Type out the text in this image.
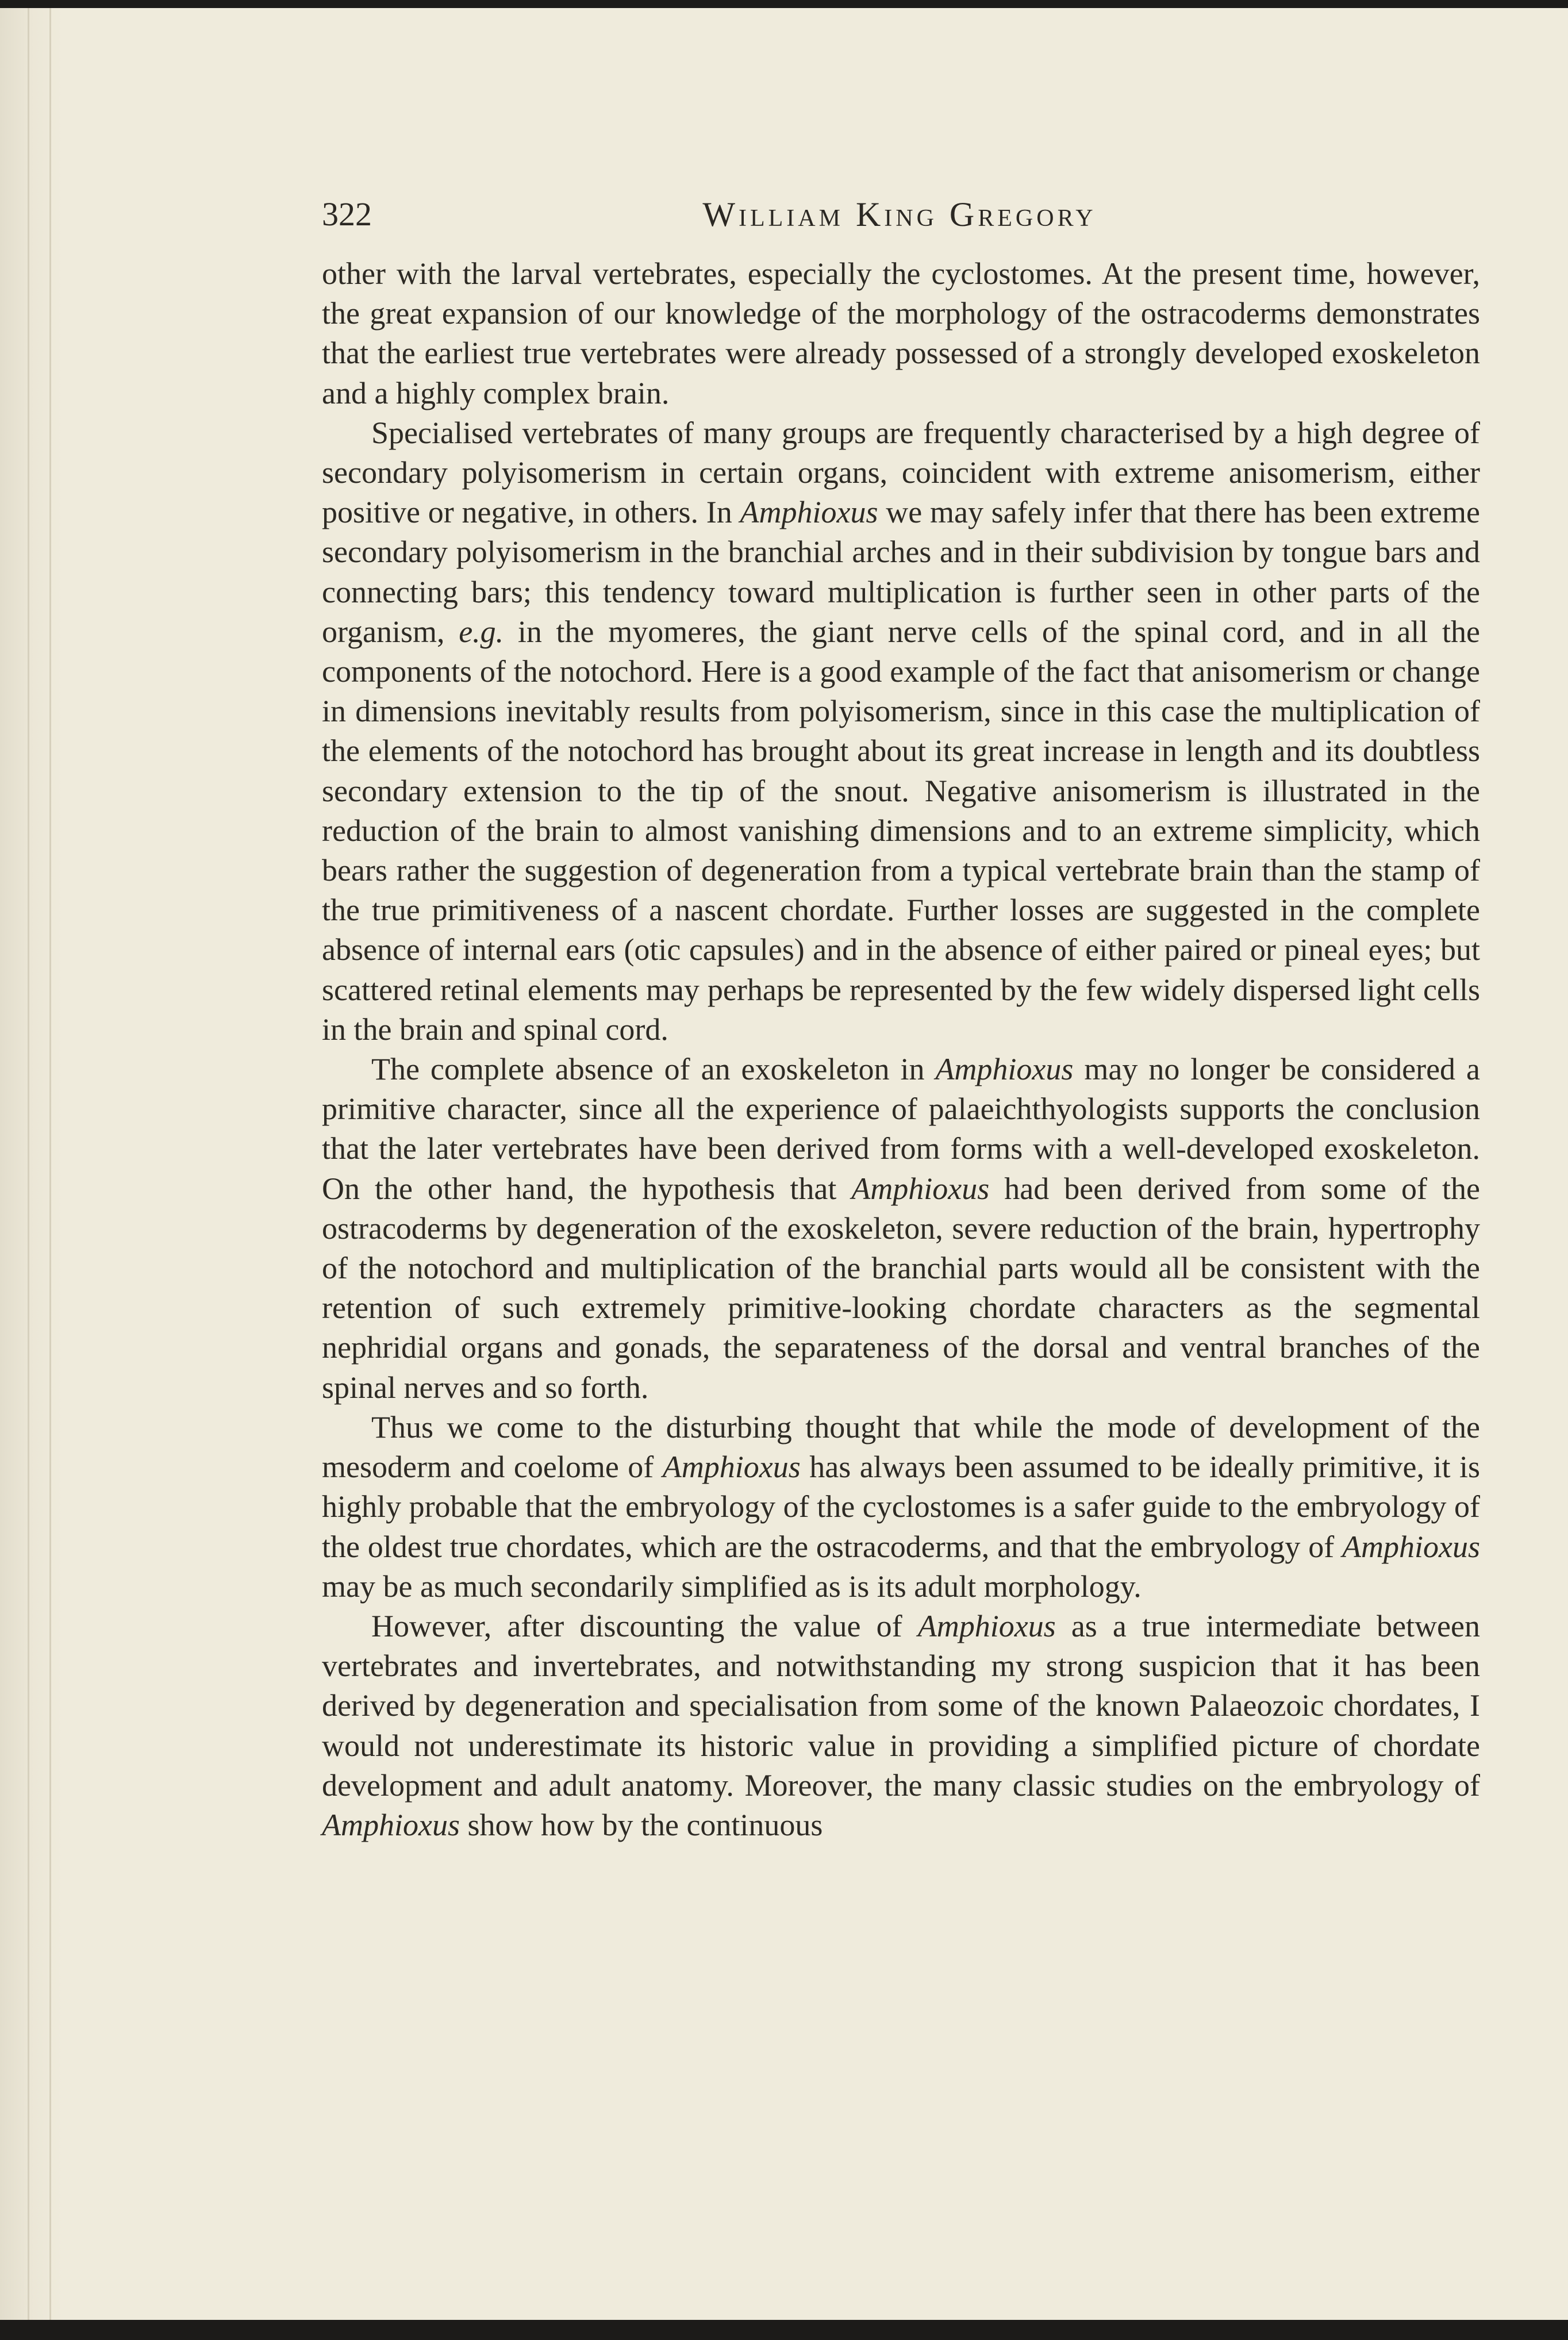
322	William King Gregory

other with the larval vertebrates, especially the cyclostomes. At the present time, however, the great expansion of our knowledge of the morphology of the ostracoderms demonstrates that the earliest true vertebrates were already possessed of a strongly developed exoskeleton and a highly complex brain.

Specialised vertebrates of many groups are frequently characterised by a high degree of secondary polyisomerism in certain organs, coincident with extreme anisomerism, either positive or negative, in others. In Amphioxus we may safely infer that there has been extreme secondary polyisomerism in the branchial arches and in their subdivision by tongue bars and connecting bars; this tendency toward multiplication is further seen in other parts of the organism, e.g. in the myomeres, the giant nerve cells of the spinal cord, and in all the components of the notochord. Here is a good example of the fact that anisomerism or change in dimensions inevitably results from polyisomerism, since in this case the multiplication of the elements of the notochord has brought about its great increase in length and its doubtless secondary extension to the tip of the snout. Negative anisomerism is illustrated in the reduction of the brain to almost vanishing dimensions and to an extreme simplicity, which bears rather the suggestion of degeneration from a typical vertebrate brain than the stamp of the true primitiveness of a nascent chordate. Further losses are suggested in the complete absence of internal ears (otic capsules) and in the absence of either paired or pineal eyes; but scattered retinal elements may perhaps be represented by the few widely dispersed light cells in the brain and spinal cord.

The complete absence of an exoskeleton in Amphioxus may no longer be considered a primitive character, since all the experience of palaeichthyologists supports the conclusion that the later vertebrates have been derived from forms with a well-developed exoskeleton. On the other hand, the hypothesis that Amphioxus had been derived from some of the ostracoderms by degeneration of the exoskeleton, severe reduction of the brain, hypertrophy of the notochord and multiplication of the branchial parts would all be consistent with the retention of such extremely primitive-looking chordate characters as the segmental nephridial organs and gonads, the separateness of the dorsal and ventral branches of the spinal nerves and so forth.

Thus we come to the disturbing thought that while the mode of development of the mesoderm and coelome of Amphioxus has always been assumed to be ideally primitive, it is highly probable that the embryology of the cyclostomes is a safer guide to the embryology of the oldest true chordates, which are the ostracoderms, and that the embryology of Amphioxus may be as much secondarily simplified as is its adult morphology.

However, after discounting the value of Amphioxus as a true intermediate between vertebrates and invertebrates, and notwithstanding my strong suspicion that it has been derived by degeneration and specialisation from some of the known Palaeozoic chordates, I would not underestimate its historic value in providing a simplified picture of chordate development and adult anatomy. Moreover, the many classic studies on the embryology of Amphioxus show how by the continuous
